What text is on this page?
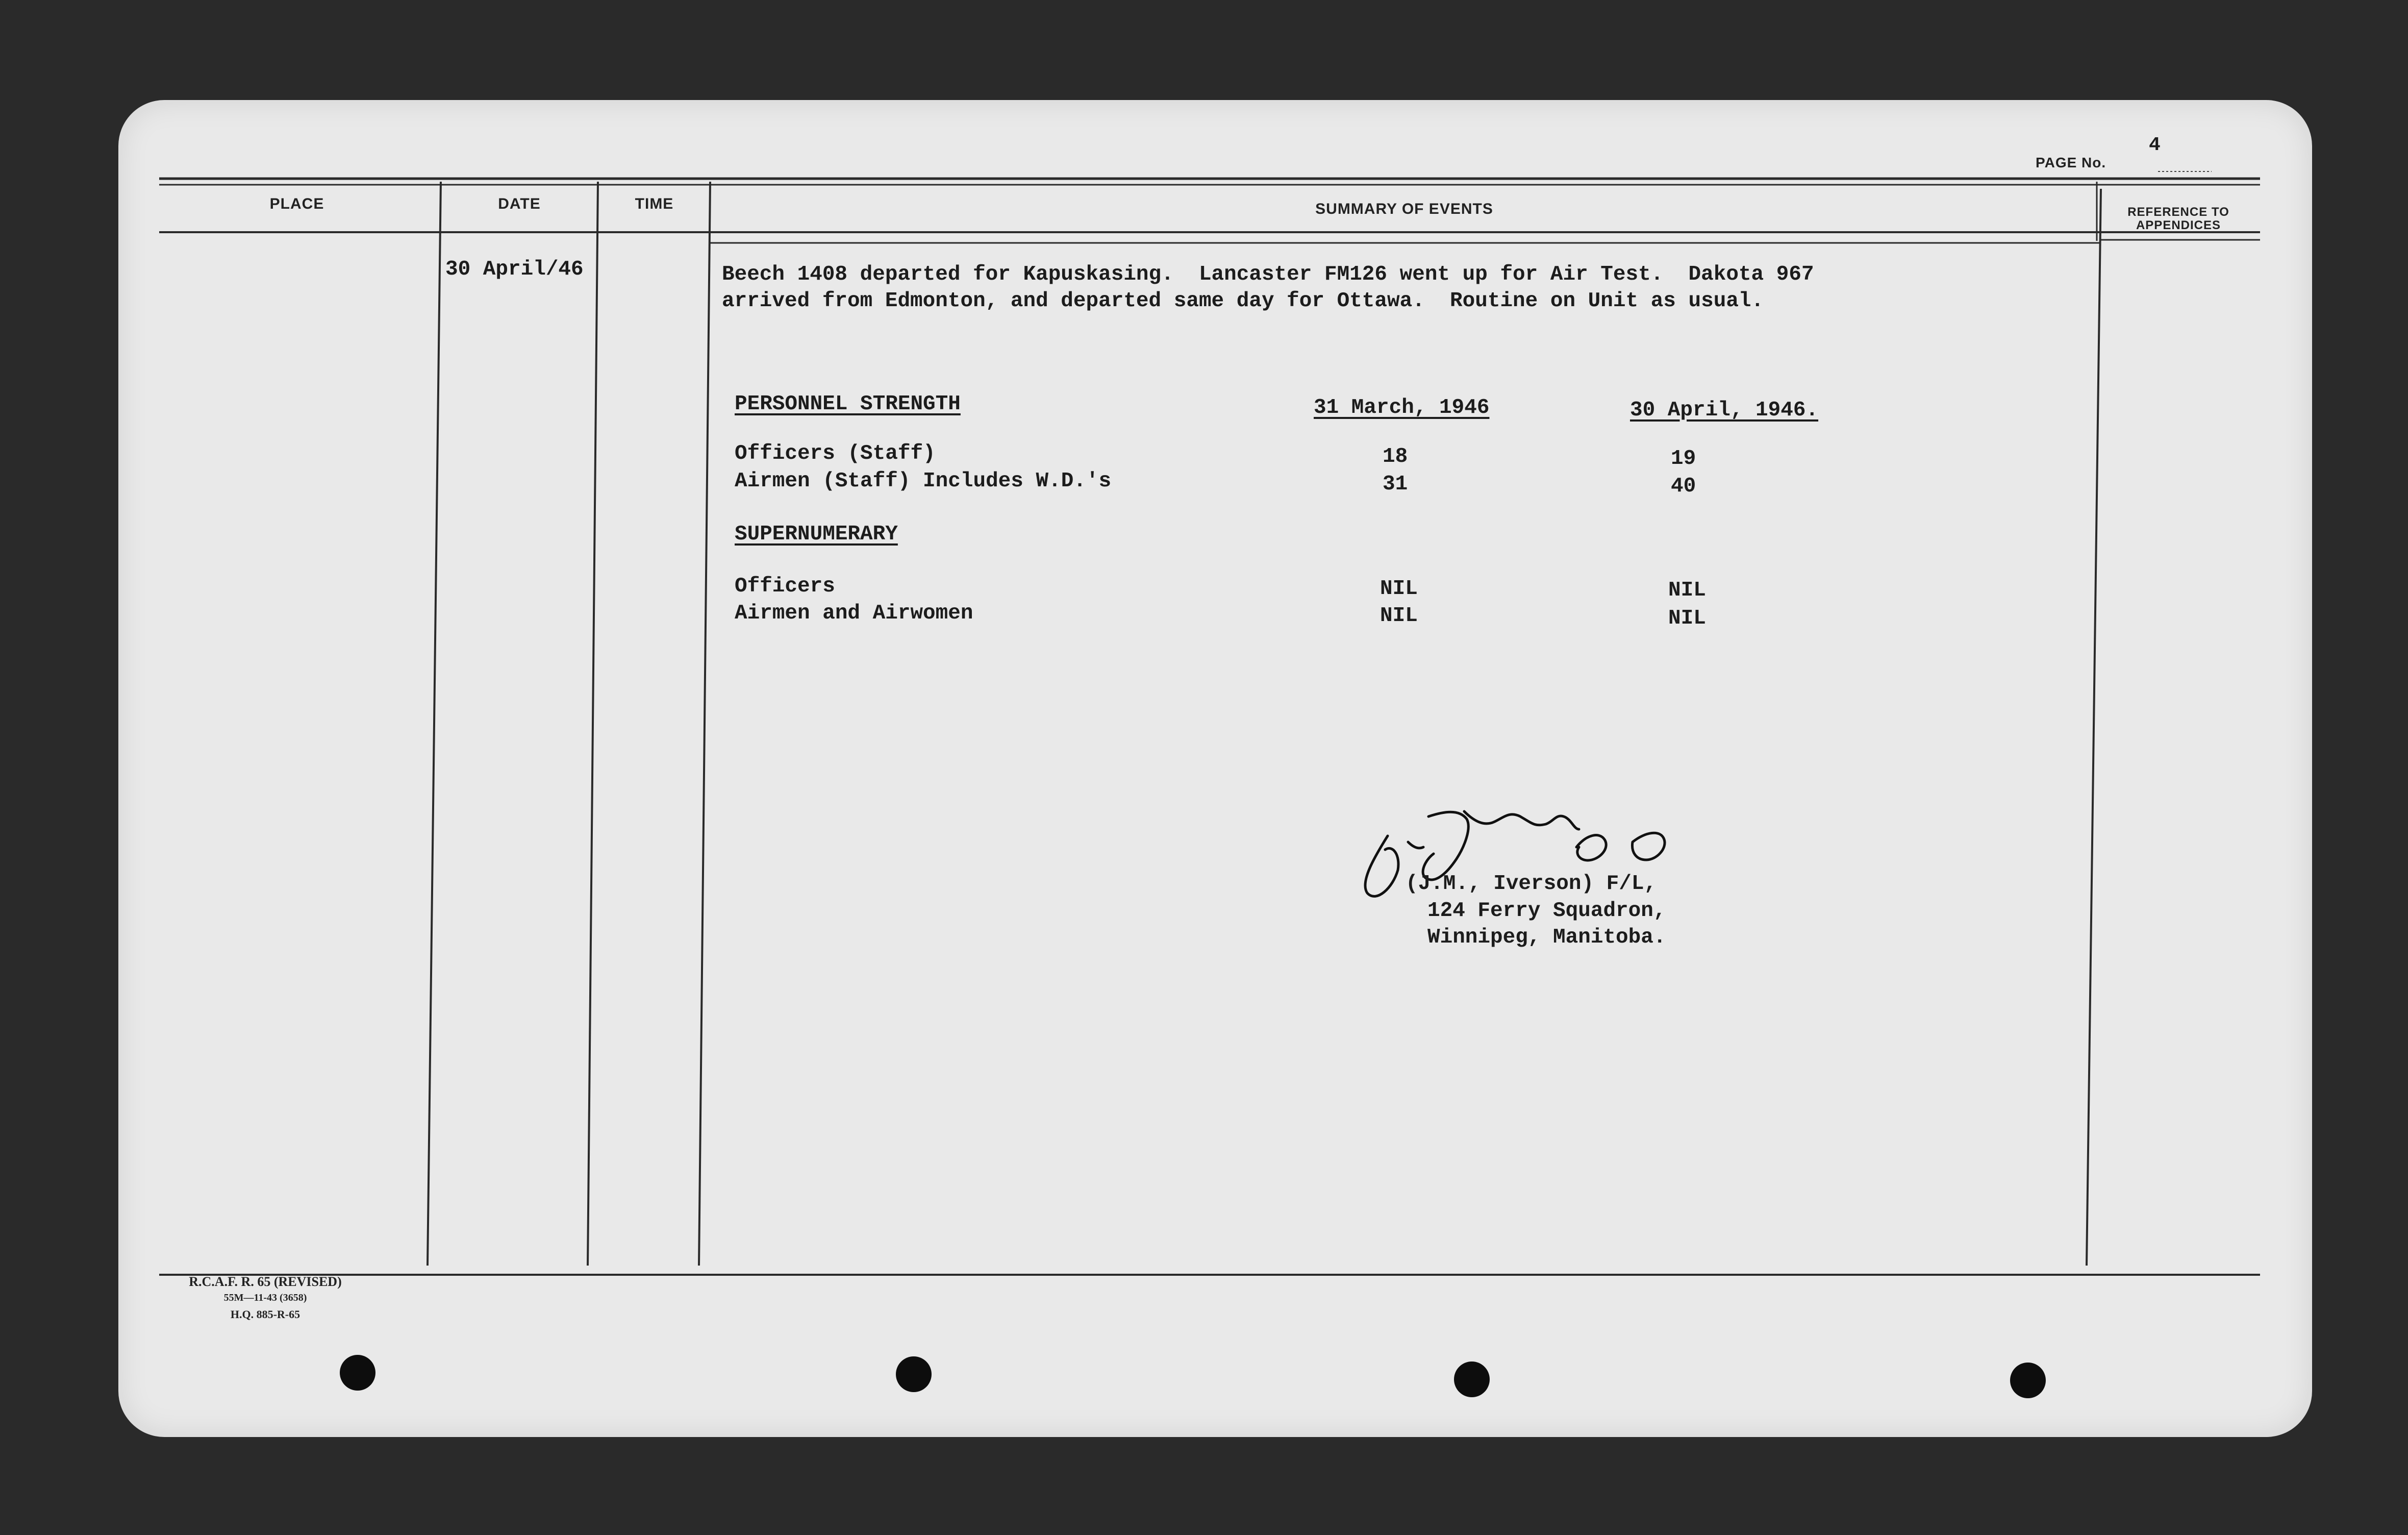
PAGE No.
4
PLACE	DATE	TIME	SUMMARY OF EVENTS	REFERENCE TO APPENDICES
30 April/46	Beech 1408 departed for Kapuskasing.  Lancaster FM126 went up for Air Test.  Dakota 967
arrived from Edmonton, and departed same day for Ottawa.  Routine on Unit as usual.
PERSONNEL STRENGTH	31 March, 1946	30 April, 1946.
Officers (Staff)	18	19
Airmen (Staff) Includes W.D.'s	31	40
SUPERNUMERARY
Officers	NIL	NIL
Airmen and Airwomen	NIL	NIL
(J.M., Iverson) F/L,
124 Ferry Squadron,
Winnipeg, Manitoba.
R.C.A.F. R. 65 (REVISED)
55M—11-43 (3658)
H.Q. 885-R-65
